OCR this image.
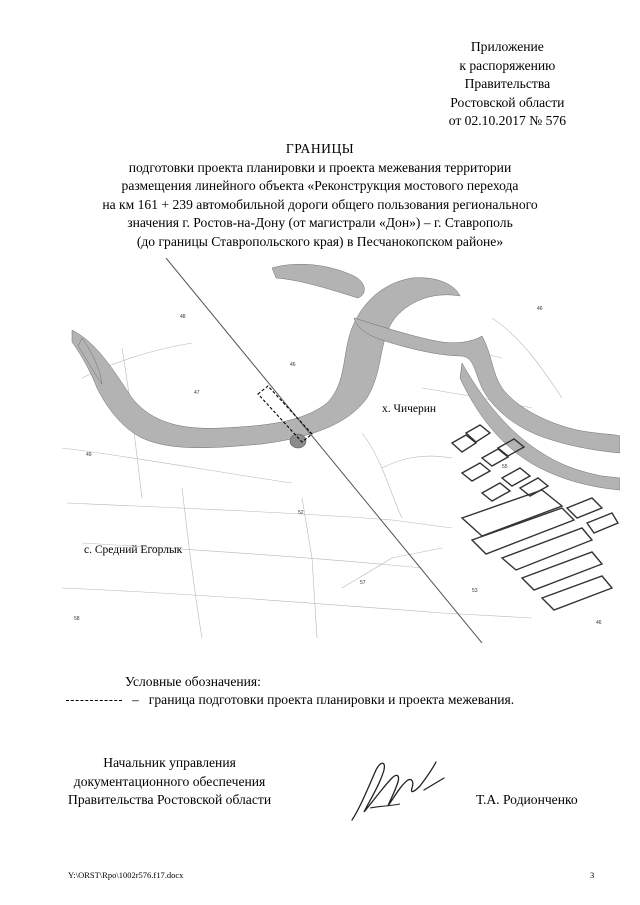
Приложение
к распоряжению
Правительства
Ростовской области
от 02.10.2017 № 576
ГРАНИЦЫ
подготовки проекта планировки и проекта межевания территории
размещения линейного объекта «Реконструкция мостового перехода
на км 161 + 239 автомобильной дороги общего пользования регионального
значения г. Ростов-на-Дону (от магистрали «Дон») – г. Ставрополь
(до границы Ставропольского края) в Песчанокопском районе»
48
46
47
46
49
52
55
57
58
53
46
х. Чичерин
с. Средний Егорлык
Условные обозначения:
– граница подготовки проекта планировки и проекта межевания.
Начальник управления
документационного обеспечения
Правительства Ростовской области	Т.А. Родионченко
Y:\ORST\Rpo\1002r576.f17.docx	3
